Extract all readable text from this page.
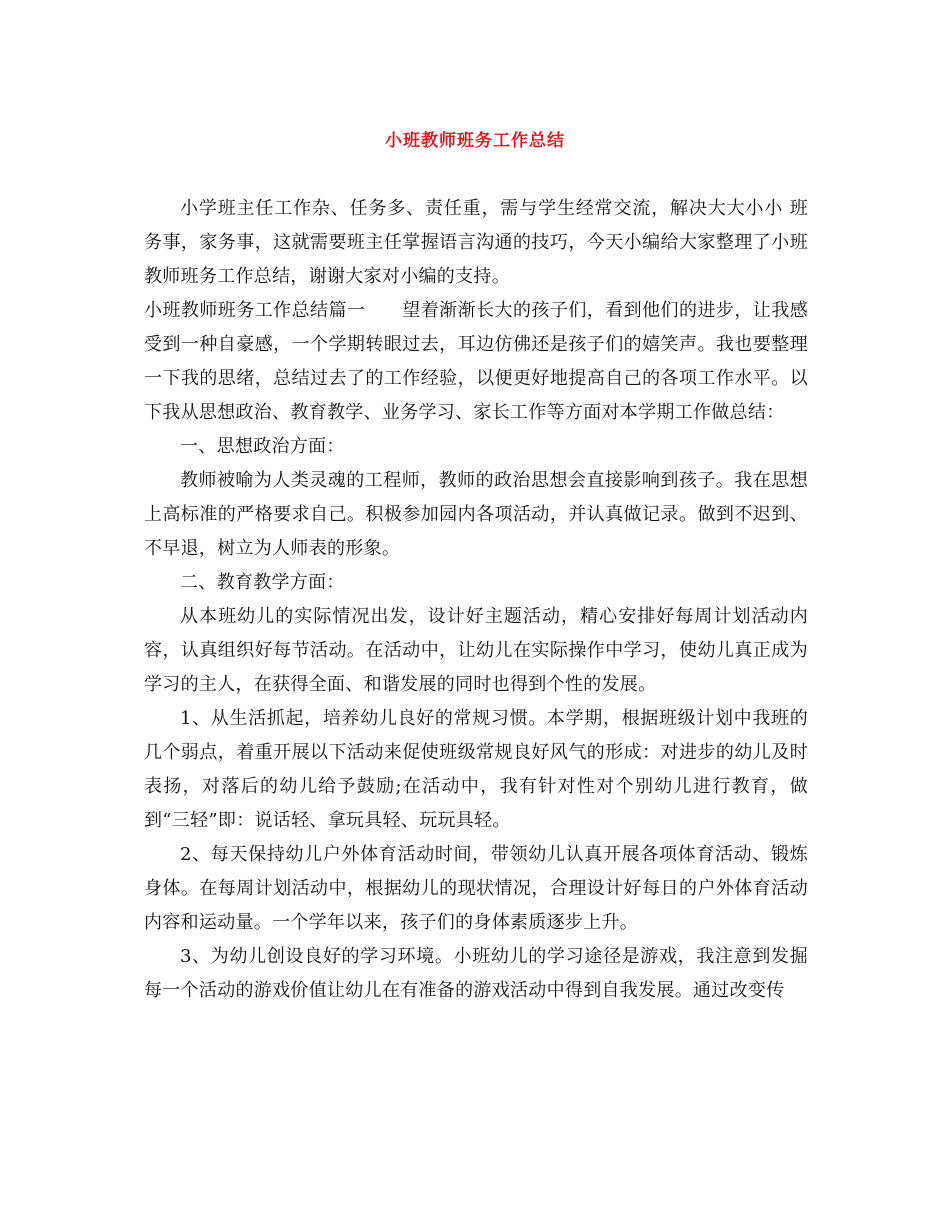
小班教师班务工作总结

小学班主任工作杂、任务多、责任重，需与学生经常交流，解决大大小小 班务事，家务事，这就需要班主任掌握语言沟通的技巧，今天小编给大家整理了小班教师班务工作总结，谢谢大家对小编的支持。

小班教师班务工作总结篇一　　望着渐渐长大的孩子们，看到他们的进步，让我感受到一种自豪感，一个学期转眼过去，耳边仿佛还是孩子们的嬉笑声。我也要整理一下我的思绪，总结过去了的工作经验，以便更好地提高自己的各项工作水平。以下我从思想政治、教育教学、业务学习、家长工作等方面对本学期工作做总结：

一、思想政治方面：

教师被喻为人类灵魂的工程师，教师的政治思想会直接影响到孩子。我在思想上高标准的严格要求自己。积极参加园内各项活动，并认真做记录。做到不迟到、不早退，树立为人师表的形象。

二、教育教学方面：

从本班幼儿的实际情况出发，设计好主题活动，精心安排好每周计划活动内容，认真组织好每节活动。在活动中，让幼儿在实际操作中学习，使幼儿真正成为学习的主人，在获得全面、和谐发展的同时也得到个性的发展。

1、从生活抓起，培养幼儿良好的常规习惯。本学期，根据班级计划中我班的几个弱点，着重开展以下活动来促使班级常规良好风气的形成：对进步的幼儿及时表扬，对落后的幼儿给予鼓励;在活动中，我有针对性对个别幼儿进行教育，做到“三轻”即：说话轻、拿玩具轻、玩玩具轻。

2、每天保持幼儿户外体育活动时间，带领幼儿认真开展各项体育活动、锻炼身体。在每周计划活动中，根据幼儿的现状情况，合理设计好每日的户外体育活动内容和运动量。一个学年以来，孩子们的身体素质逐步上升。

3、为幼儿创设良好的学习环境。小班幼儿的学习途径是游戏，我注意到发掘每一个活动的游戏价值让幼儿在有准备的游戏活动中得到自我发展。通过改变传
